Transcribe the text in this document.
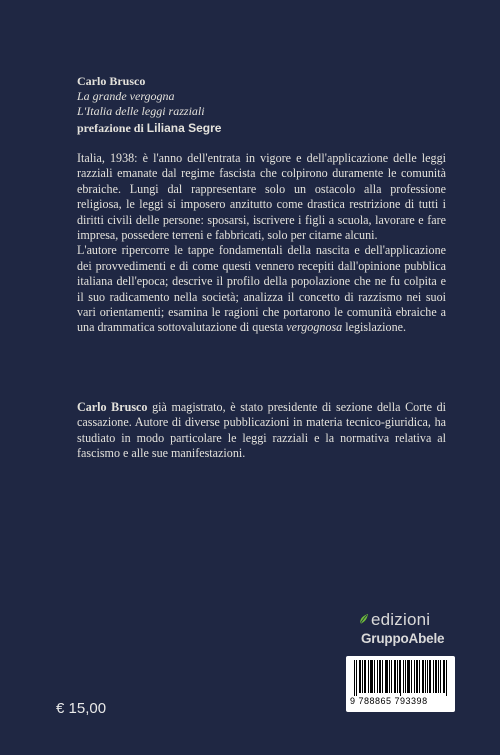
Carlo Brusco
La grande vergogna
L'Italia delle leggi razziali
prefazione di Liliana Segre

Italia, 1938: è l'anno dell'entrata in vigore e dell'applicazione delle leggi razziali emanate dal regime fascista che colpirono duramente le comunità ebraiche. Lungi dal rappresentare solo un ostacolo alla professione religiosa, le leggi si imposero anzitutto come drastica restrizione di tutti i diritti civili delle persone: sposarsi, iscrivere i figli a scuola, lavorare e fare impresa, possedere terreni e fabbricati, solo per citarne alcuni.

L'autore ripercorre le tappe fondamentali della nascita e dell'applicazione dei provvedimenti e di come questi vennero recepiti dall'opinione pubblica italiana dell'epoca; descrive il profilo della popolazione che ne fu colpita e il suo radicamento nella società; analizza il concetto di razzismo nei suoi vari orientamenti; esamina le ragioni che portarono le comunità ebraiche a una drammatica sottovalutazione di questa vergognosa legislazione.

Carlo Brusco già magistrato, è stato presidente di sezione della Corte di cassazione. Autore di diverse pubblicazioni in materia tecnico-giuridica, ha studiato in modo particolare le leggi razziali e la normativa relativa al fascismo e alle sue manifestazioni.

edizioni
GruppoAbele
9 788865 793398
€ 15,00
